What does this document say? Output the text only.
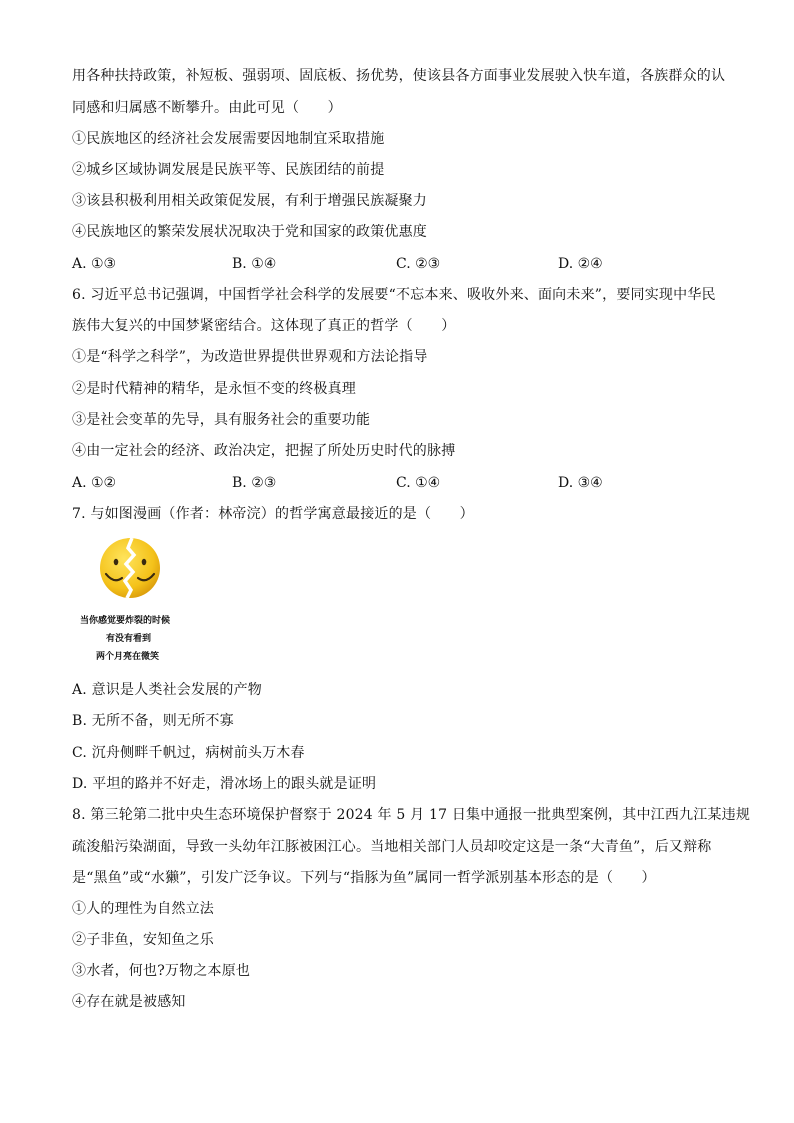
用各种扶持政策，补短板、强弱项、固底板、扬优势，使该县各方面事业发展驶入快车道，各族群众的认
同感和归属感不断攀升。由此可见（　　）
①民族地区的经济社会发展需要因地制宜采取措施
②城乡区域协调发展是民族平等、民族团结的前提
③该县积极利用相关政策促发展，有利于增强民族凝聚力
④民族地区的繁荣发展状况取决于党和国家的政策优惠度
A. ①③	B. ①④	C. ②③	D. ②④
6. 习近平总书记强调，中国哲学社会科学的发展要“不忘本来、吸收外来、面向未来”，要同实现中华民
族伟大复兴的中国梦紧密结合。这体现了真正的哲学（　　）
①是“科学之科学”，为改造世界提供世界观和方法论指导
②是时代精神的精华，是永恒不变的终极真理
③是社会变革的先导，具有服务社会的重要功能
④由一定社会的经济、政治决定，把握了所处历史时代的脉搏
A. ①②	B. ②③	C. ①④	D. ③④
7. 与如图漫画（作者：林帝浣）的哲学寓意最接近的是（　　）
当你感觉要炸裂的时候
有没有看到
两个月亮在微笑
A. 意识是人类社会发展的产物
B. 无所不备，则无所不寡
C. 沉舟侧畔千帆过，病树前头万木春
D. 平坦的路并不好走，滑冰场上的跟头就是证明
8. 第三轮第二批中央生态环境保护督察于 2024 年 5 月 17 日集中通报一批典型案例，其中江西九江某违规
疏浚船污染湖面，导致一头幼年江豚被困江心。当地相关部门人员却咬定这是一条“大青鱼”，后又辩称
是“黑鱼”或“水獭”，引发广泛争议。下列与“指豚为鱼”属同一哲学派别基本形态的是（　　）
①人的理性为自然立法
②子非鱼，安知鱼之乐
③水者，何也?万物之本原也
④存在就是被感知
